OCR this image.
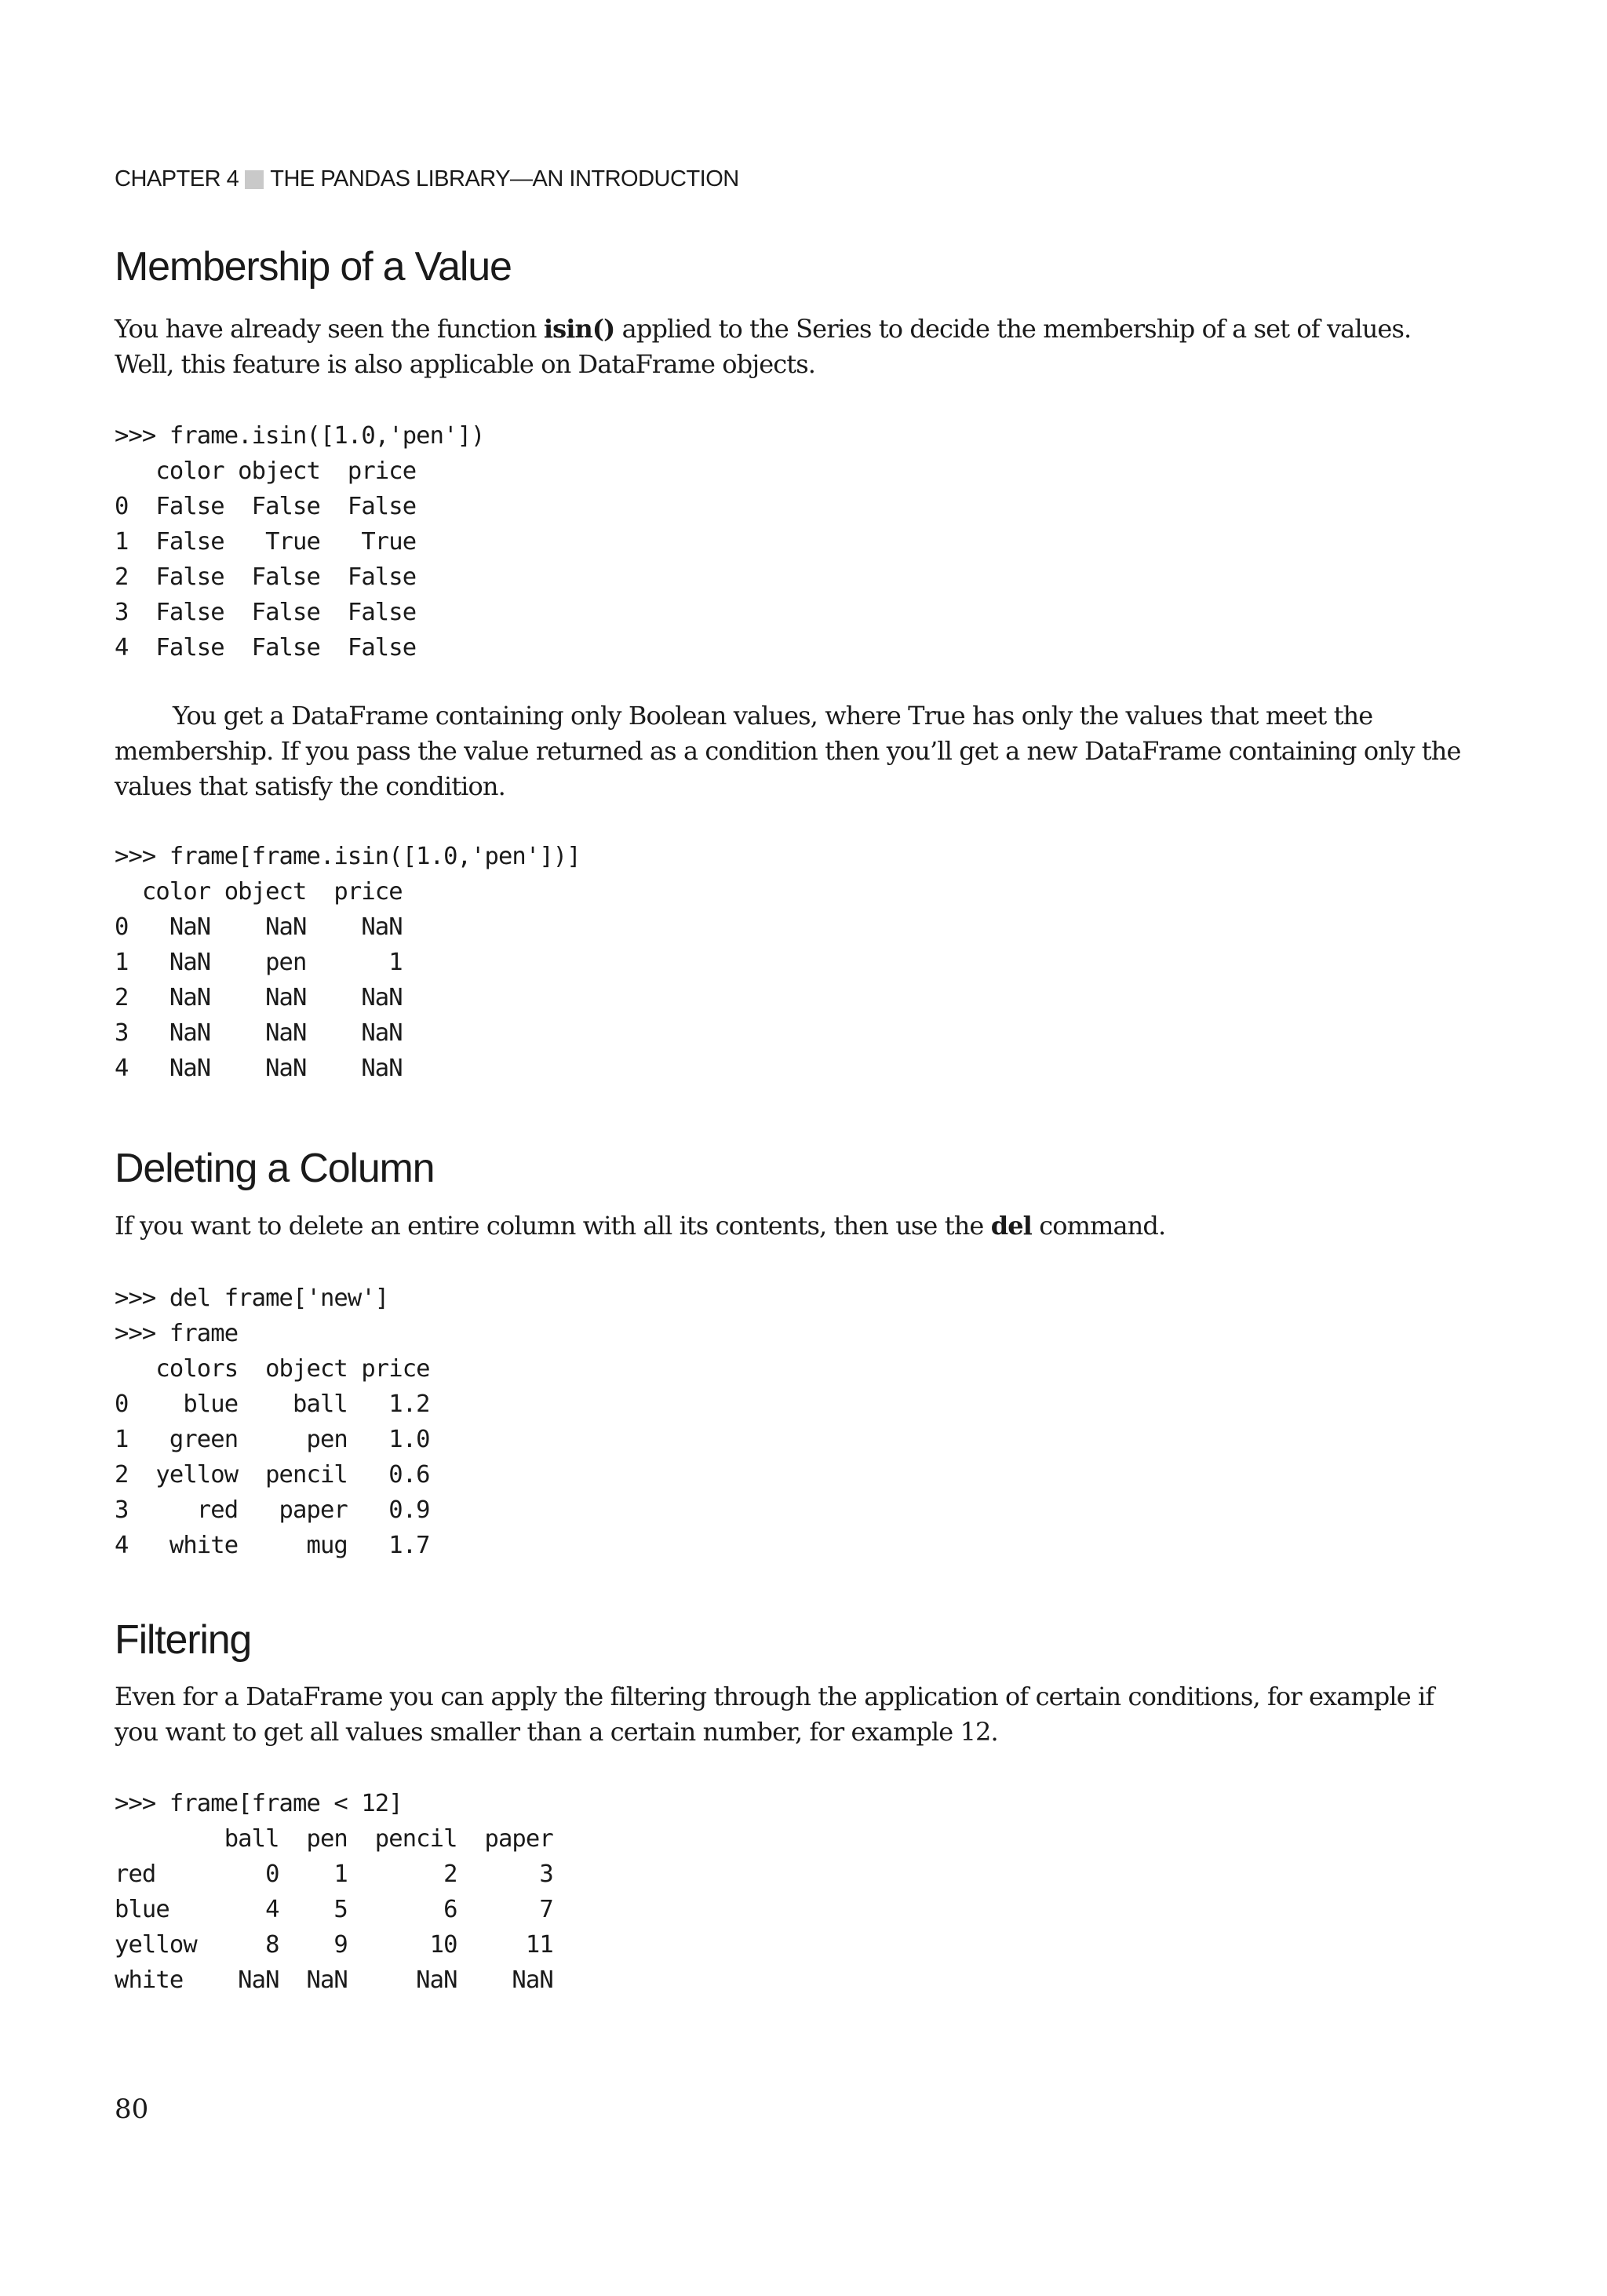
CHAPTER 4 THE PANDAS LIBRARY—AN INTRODUCTION
Membership of a Value

You have already seen the function isin() applied to the Series to decide the membership of a set of values. Well, this feature is also applicable on DataFrame objects.

>>> frame.isin([1.0,'pen'])
color object  price
0  False  False  False
1  False   True   True
2  False  False  False
3  False  False  False
4  False  False  False

You get a DataFrame containing only Boolean values, where True has only the values that meet the membership. If you pass the value returned as a condition then you’ll get a new DataFrame containing only the values that satisfy the condition.

>>> frame[frame.isin([1.0,'pen'])]
color object  price
0   NaN    NaN    NaN
1   NaN    pen      1
2   NaN    NaN    NaN
3   NaN    NaN    NaN
4   NaN    NaN    NaN
Deleting a Column

If you want to delete an entire column with all its contents, then use the del command.

>>> del frame['new']
>>> frame
colors  object price
0    blue    ball   1.2
1   green     pen   1.0
2  yellow  pencil   0.6
3     red   paper   0.9
4   white     mug   1.7
Filtering

Even for a DataFrame you can apply the filtering through the application of certain conditions, for example if you want to get all values smaller than a certain number, for example 12.

>>> frame[frame < 12]
ball  pen  pencil  paper
red        0    1       2      3
blue       4    5       6      7
yellow     8    9      10     11
white    NaN  NaN     NaN    NaN
80
